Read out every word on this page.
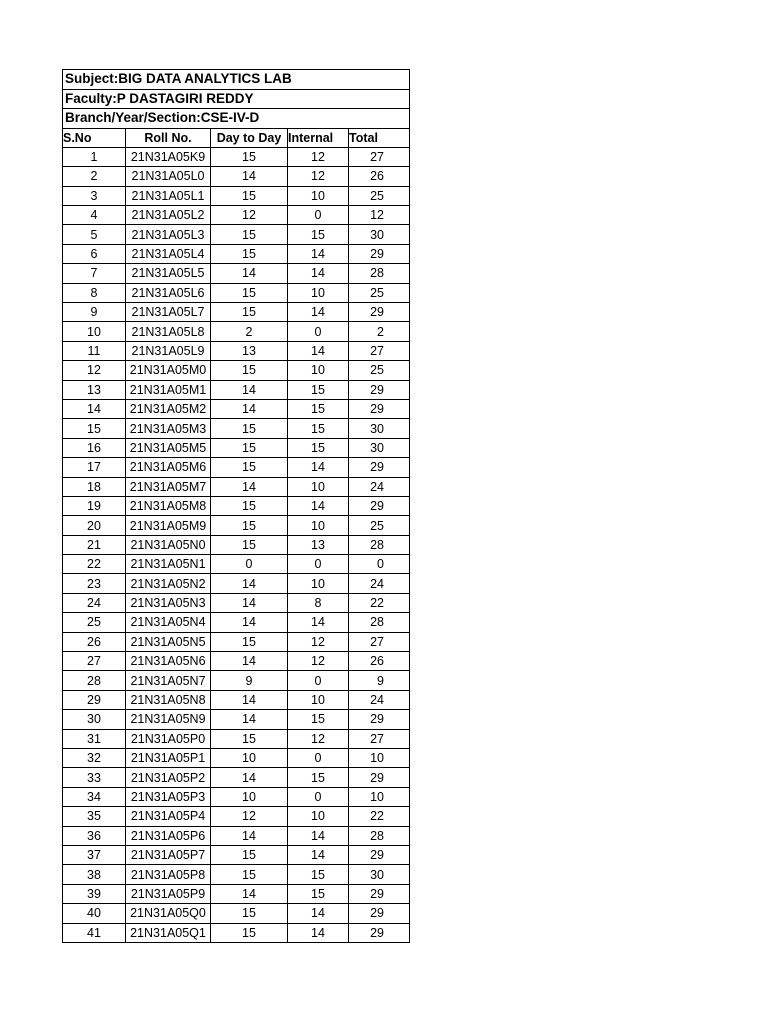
Subject:BIG DATA ANALYTICS LAB				
Faculty:P DASTAGIRI REDDY				
Branch/Year/Section:CSE-IV-D				
S.No	Roll No.	Day to Day	Internal	Total
1	21N31A05K9	15	12	27
2	21N31A05L0	14	12	26
3	21N31A05L1	15	10	25
4	21N31A05L2	12	0	12
5	21N31A05L3	15	15	30
6	21N31A05L4	15	14	29
7	21N31A05L5	14	14	28
8	21N31A05L6	15	10	25
9	21N31A05L7	15	14	29
10	21N31A05L8	2	0	2
11	21N31A05L9	13	14	27
12	21N31A05M0	15	10	25
13	21N31A05M1	14	15	29
14	21N31A05M2	14	15	29
15	21N31A05M3	15	15	30
16	21N31A05M5	15	15	30
17	21N31A05M6	15	14	29
18	21N31A05M7	14	10	24
19	21N31A05M8	15	14	29
20	21N31A05M9	15	10	25
21	21N31A05N0	15	13	28
22	21N31A05N1	0	0	0
23	21N31A05N2	14	10	24
24	21N31A05N3	14	8	22
25	21N31A05N4	14	14	28
26	21N31A05N5	15	12	27
27	21N31A05N6	14	12	26
28	21N31A05N7	9	0	9
29	21N31A05N8	14	10	24
30	21N31A05N9	14	15	29
31	21N31A05P0	15	12	27
32	21N31A05P1	10	0	10
33	21N31A05P2	14	15	29
34	21N31A05P3	10	0	10
35	21N31A05P4	12	10	22
36	21N31A05P6	14	14	28
37	21N31A05P7	15	14	29
38	21N31A05P8	15	15	30
39	21N31A05P9	14	15	29
40	21N31A05Q0	15	14	29
41	21N31A05Q1	15	14	29
